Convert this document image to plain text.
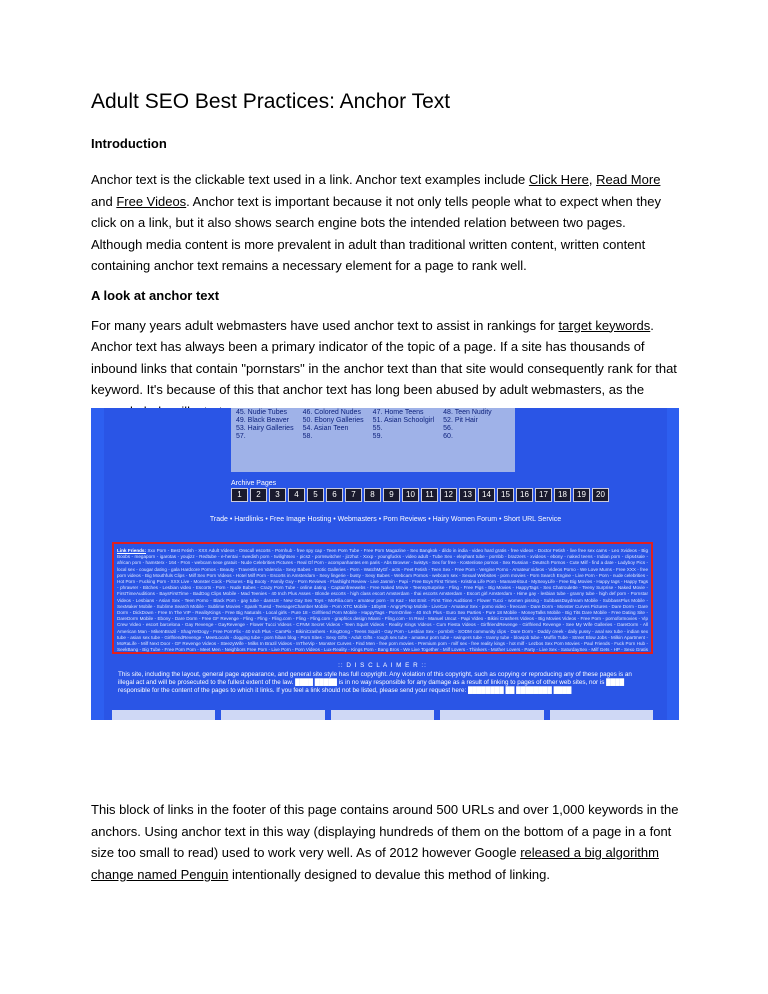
Adult SEO Best Practices: Anchor Text
Introduction

Anchor text is the clickable text used in a link. Anchor text examples include Click Here, Read More and Free Videos. Anchor text is important because it not only tells people what to expect when they click on a link, but it also shows search engine bots the intended relation between two pages. Although media content is more prevalent in adult than traditional written content, written content containing anchor text remains a necessary element for a page to rank well.

A look at anchor text

For many years adult webmasters have used anchor text to assist in rankings for target keywords. Anchor text has always been a primary indicator of the topic of a page. If a site has thousands of inbound links that contain "pornstars" in the anchor text than that site would consequently rank for that keyword. It's because of this that anchor text has long been abused by adult webmasters, as the

45. Nudie Tubes	46. Colored Nudes	47. Home Teens	48. Teen Nudity
49. Black Beaver	50. Ebony Galleries	51. Asian Schoolgirl	52. Pit Hair
53. Hairy Galleries	54. Asian Teen	55.	56.
57.	58.	59.	60.
Archive Pages
1	2	3	4	5	6	7	8	9	10	11	12	13	14	15	16	17	18	19	20
Trade • Hardlinks • Free Image Hosting • Webmasters • Porn Reviews • Hairy Women Forum • Short URL Service
Link Friends: Xxx Porn - Best Fetish - XXX Adult Videos - Onscull escorts - Pornhub - free spy cap - Teen Porn Tube - Free Porn Magazine - Sex Bangkok - dildo in india - video hard gratis - free videos - Doctor Fetish - live free sex cams - Leo Xvideos - Big Boobs - megaporn - igarotas - youjizz - Redtube - e-hentai - swedish porn - twilightsex - pics2 - pornswitcher - jizzhut - Xxxp - youngfucks - video adult - Tube Sex - elephant tube - pornbb - brazzers - xvideos - ebony - naked teens - Indian porn - clips4sale - african porn - hamsterx - 164 - Pron - webcam sexe gratuit - Nude Celebrities Pictures - Real Gf Porn - acompanhantes em paris - Abs Browser - twistys - Sex for free - Kostenlose pornos - Sex Russian - Deutsch Pornos - Cute Milf - find a date - Ladyboy Pics - local sex - cougar dating - gala Hardcore Pornos - Beauty - Travestis en Valencia - Sexy Babes - Erotic Galleries - Porn - WatchMyGf - acts - Feet Fetish - Teen Sex - Free Porn - Vergine Porno - Amateur videos - Videos Porno - We Love Mums - Free XXX - free porn videos - Big Mouthfuls Clips - Milf Sex Porn Videos - Hotel Milf Porn - Escorts in Amsterdam - Sexy lingerie - busty - Sexy Babes - Webcam Pornos - webcam sex - Sexual Websites - porn movies - Porn Search Engine - Live Porn - Porn - nude celebrities - Hot Porn - Fucking Porn - XXX Live - Monster Cock - Pictures - Big Booty - Family Guy - Porn Reviews - Flashlight Review - Live Jasmin - Papi - Free Boys First Times - Kristina Life Porn - MamasHitout - MySexyLife - Free Big Movies - Happy tags - Happy Tags - phrawrer - Bitches - Lesbian video - Escorts - Porn - Nude Babes - Crazy Porn Tube - online dating - Captainfreewebs - Free Naked Movie - TeensySurprise - Fling - Free Pigs - Big Movies - HappyTags - Sex Chatroulette - Teeny Surprise - Naked Movie - FirstTimeAuditions - BaysFirstTime - BadDog Clips Mobile - Mad Teenies - 40 Inch Plus Asses - Blonde escorts - high class escort Amsterdam - thai escorts Amsterdam - Escort girl Amsterdam - Hime gay - lesbian tube - granny tube - high def porn - Pornstar Videos - Lesbians - Asian Sex - Teen Porno - Black Porn - gay tube - dans18 - New Gay Sex Toys - MoFilia.com - amateur porn - In Kaz - Hot Emit - First Time Auditions - Flower Tucci - women pissing - SubbassDaydream Mobile - SubbassPlus Mobile - SexMaker Mobile - Sublime Search Mobile - Sublime Movies - Spank Tuesd - TeenagerChamber Mobile - Porn XTC Mobile - 18by88 - AngryPimp Mobile - LiveCar - Amateur Sex - porno video - freecam - Dare Dorm - Monster Curves Pictures - Dare Dorm - Dare Dorm - DickDown - Free In The VIP - RealityKings - Free Big Naturals - Local girls - Pure 18 - Girlfriend Porn Mobile - HappyTags - PornOnlive - 40 Inch Plus - Euro Sex Parties - Pure 18 Mobile - MoneyTalks Mobile - Big Tits Dare Mobile - Free Dating Site - DareDorm Mobile - Ebony - Dare Dorm - Free GF Revenge - Fling - Fling - Fling.com - Fling - Fling.com - graphics design Miami - Fling.com - In Real - Manuel Uncut - Papi Video - Bikini Crashers Videos - Big Movies Videos - Free Porn - pornoformovies - Vip Crew Video - escort barcelona - Gay Revenge - GayRevenge - Flower Tucci Videos - CFNM Secret Videos - Teen Squirt Videos - Reality Kings Videos - Cum Fiesta Videos - GirlfriendRevenge - Girlfriend Revenge - See My Wife Galleries - DareDorm - All American Man - MikeInBrazil - ShagYerDogy - Free PornFlix - 40 Inch Plus - CamPix - BikiniCrashers - KingDong - Teens Squirt - Gay Porn - Lesbian Sex - pornbrit - SODM community clips - Dare Dorm - Daddy creek - daily pussy - anal sex tube - indian sex tube - asian sex tube - GirlfriendRevenge - MeetLocals - dogging tube - porn hiban blog - Porn Sites - Sexy Gifts - Adult Gifts - rough sex tube - amateur porn tube - swingers tube - tranny tube - blowjob tube - Muffin Tube - Street Blow Jobs - Milkin Apartment - MoRaLife - Milf Next Door - GF Revenge Videos - SteezyWife - Milks In Brazil Videos - InTheVip - Monster Curves - Find Men - free porn movies - Premium porn - milf sex - free reality kings - hot milf - Lezbos Sex Porn Movies - Paul Friends - Fuck Porn Hub - SeekBang - Big Tube - Free Porn Porn - Meet Men - Neighbors Free Porn - Live Porn - Porn Videos - Lux-Reality - Kings Porn - Bang Bros - We Live Together - Milf Lovers - Thinkers - Mother Lovers - Party - Live Sex - SaturdaySex - Milf Gets - HP - Sexo Gratis
:: D I S C L A I M E R ::
This site, including the layout, general page appearance, and general site style has full copyright. Any violation of this copyright, such as copying or reproducing any of these pages is an illegal act and will be prosecuted to the fullest extent of the law. ████ █████ is in no way responsible for any damage as a result of linking to pages of other web sites, nor is ████ responsible for the content of the pages to which it links. If you feel a link should not be listed, please send your request here: ████████ ██ ████████ ████

This block of links in the footer of this page contains around 500 URLs and over 1,000 keywords in the anchors. Using anchor text in this way (displaying hundreds of them on the bottom of a page in a font size too small to read) used to work very well. As of 2012 however Google released a big algorithm change named Penguin intentionally designed to devalue this method of linking.
